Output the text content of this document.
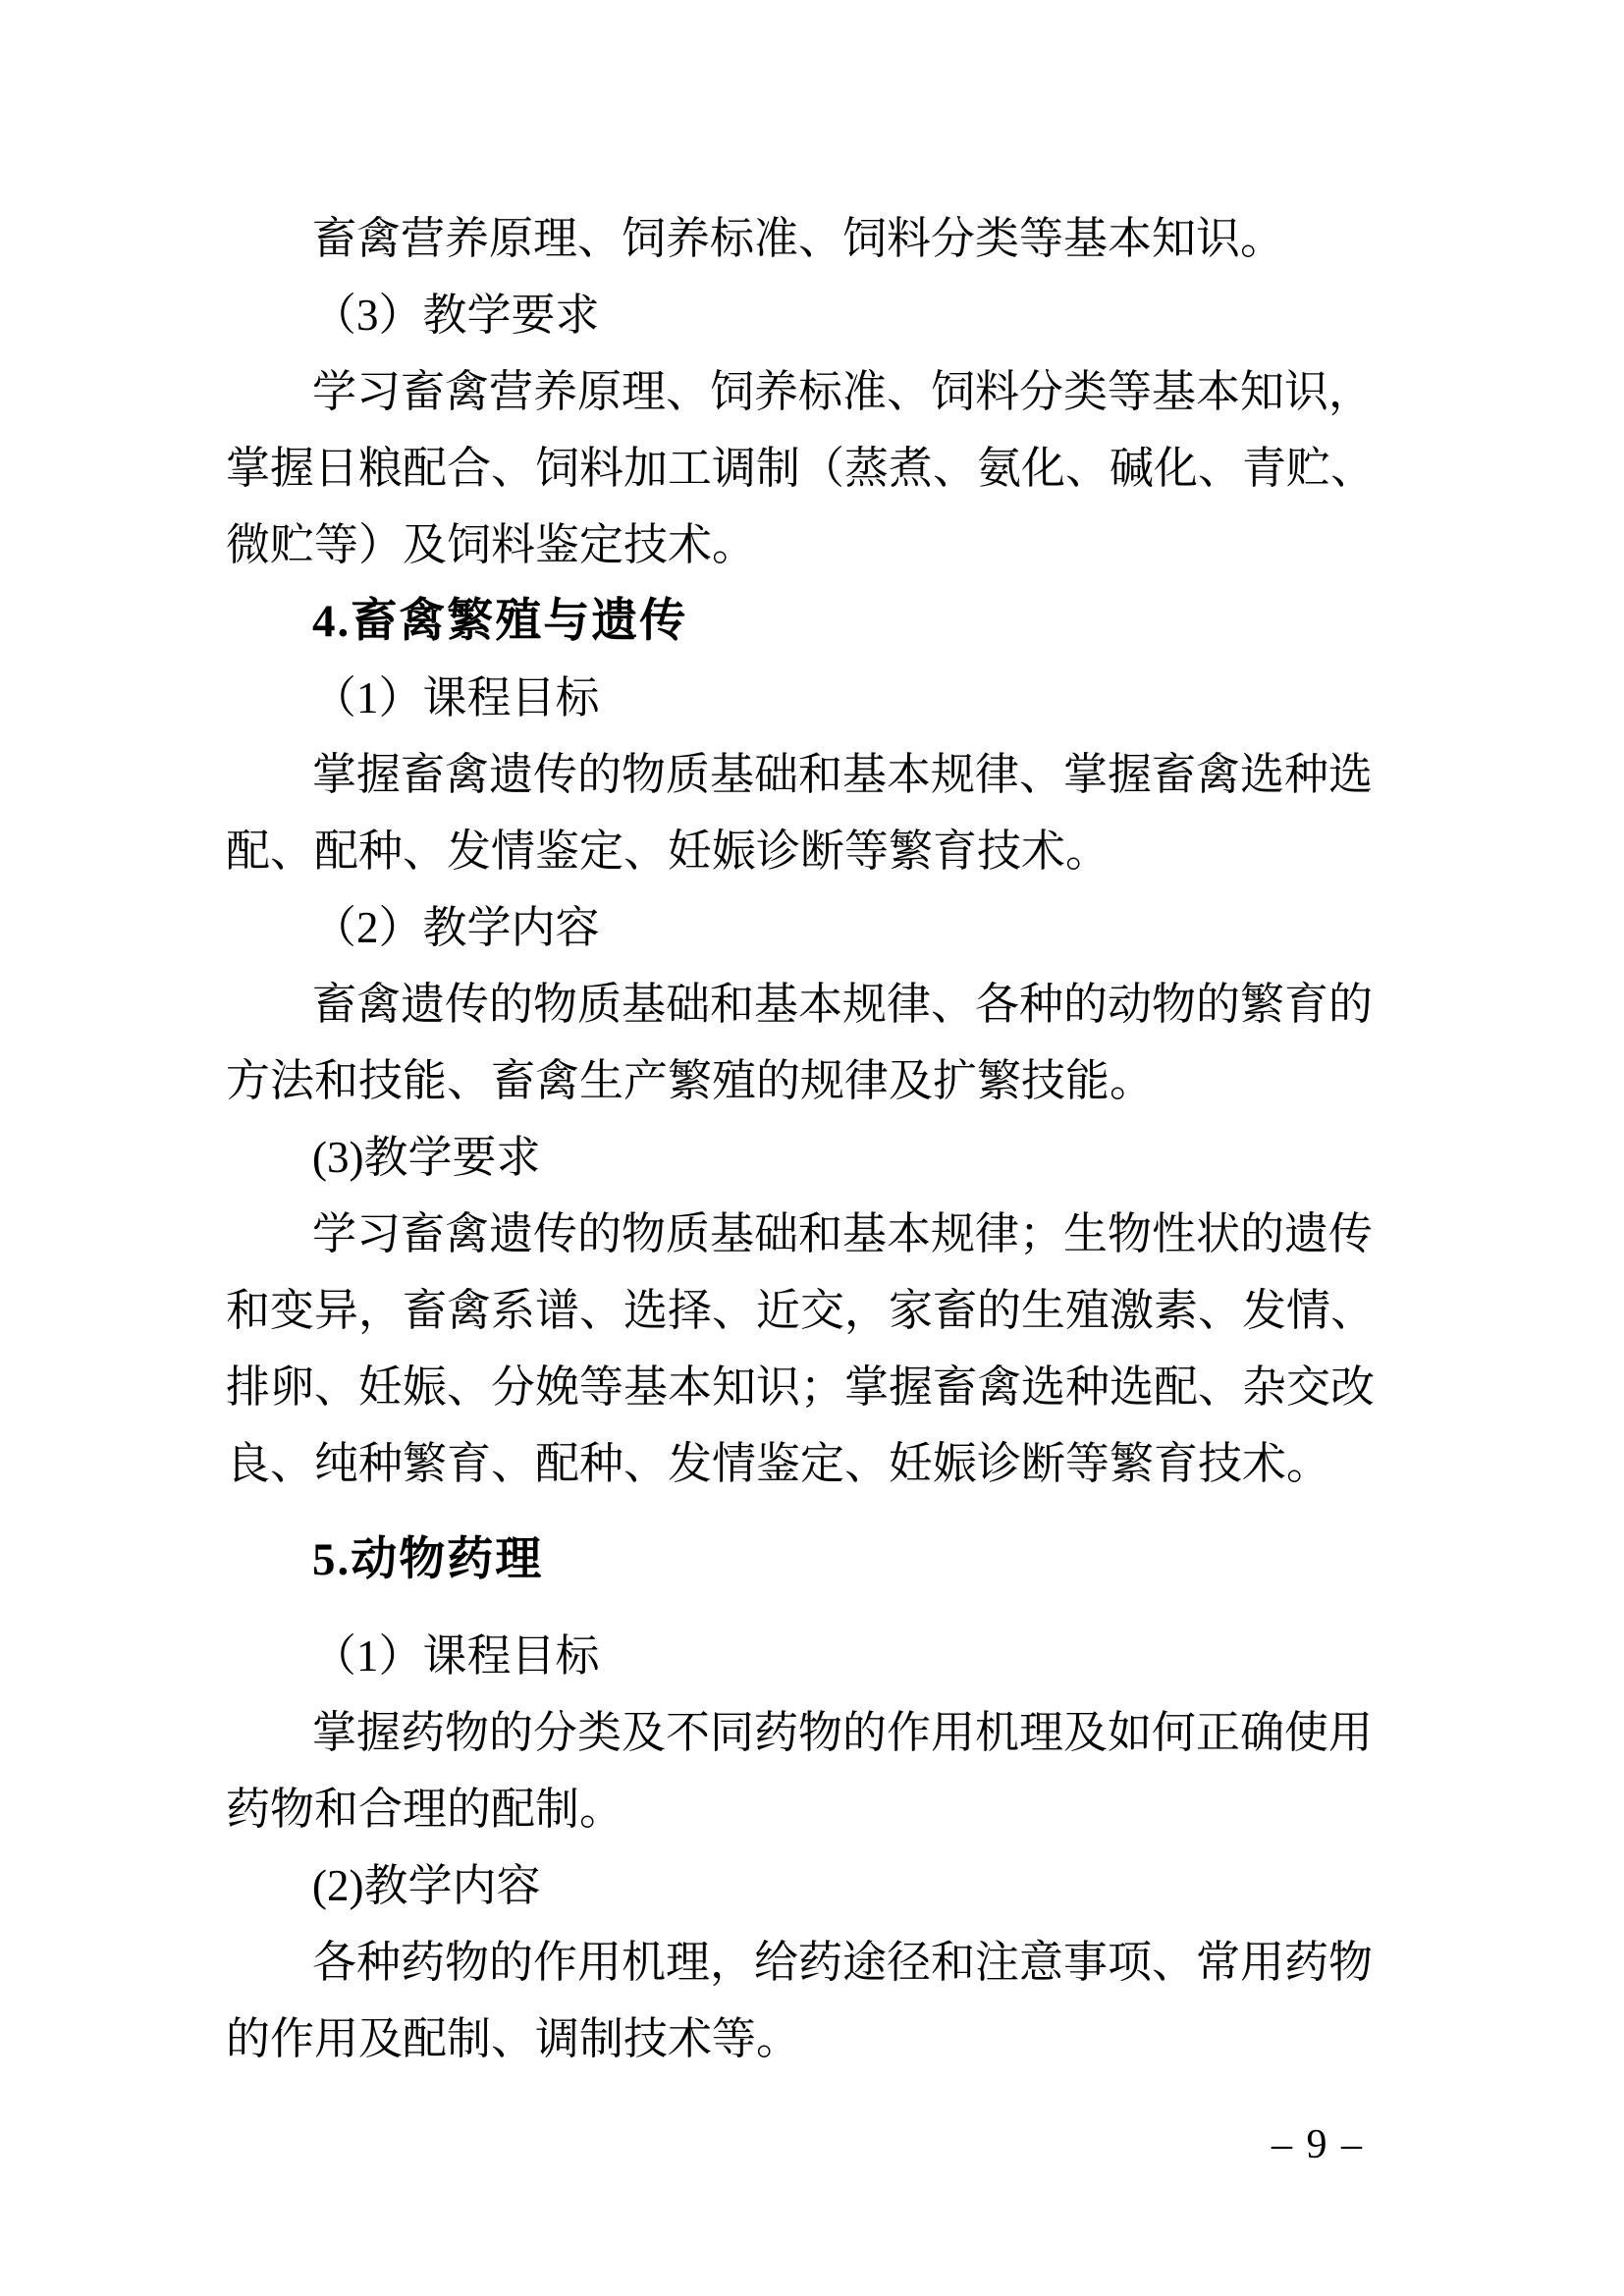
畜禽营养原理、饲养标准、饲料分类等基本知识。
（3）教学要求
学习畜禽营养原理、饲养标准、饲料分类等基本知识，
掌握日粮配合、饲料加工调制（蒸煮、氨化、碱化、青贮、
微贮等）及饲料鉴定技术。
4.畜禽繁殖与遗传
（1）课程目标
掌握畜禽遗传的物质基础和基本规律、掌握畜禽选种选
配、配种、发情鉴定、妊娠诊断等繁育技术。
（2）教学内容
畜禽遗传的物质基础和基本规律、各种的动物的繁育的
方法和技能、畜禽生产繁殖的规律及扩繁技能。
(3)教学要求
学习畜禽遗传的物质基础和基本规律；生物性状的遗传
和变异，畜禽系谱、选择、近交，家畜的生殖激素、发情、
排卵、妊娠、分娩等基本知识；掌握畜禽选种选配、杂交改
良、纯种繁育、配种、发情鉴定、妊娠诊断等繁育技术。
5.动物药理
（1）课程目标
掌握药物的分类及不同药物的作用机理及如何正确使用
药物和合理的配制。
(2)教学内容
各种药物的作用机理，给药途径和注意事项、常用药物
的作用及配制、调制技术等。
– 9 –
